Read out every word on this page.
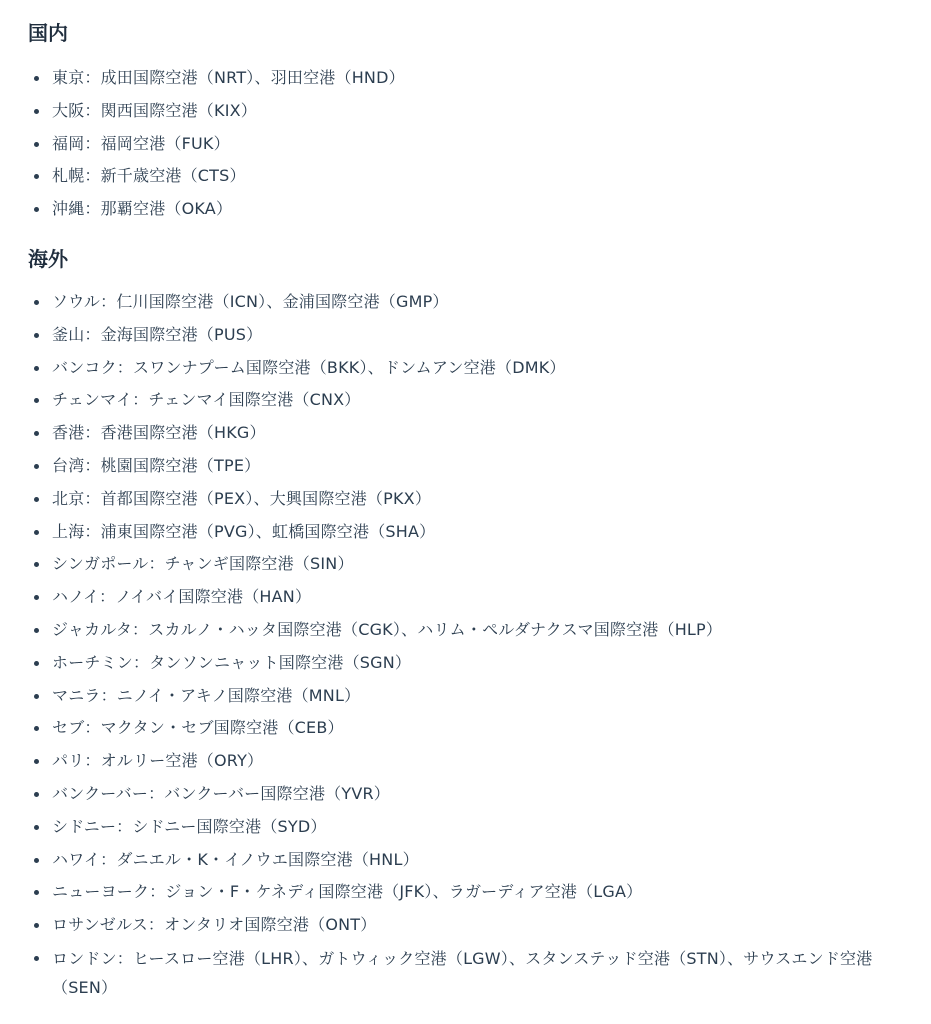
国内
東京：成田国際空港（NRT）、羽田空港（HND）
大阪：関西国際空港（KIX）
福岡：福岡空港（FUK）
札幌：新千歳空港（CTS）
沖縄：那覇空港（OKA）
海外
ソウル：仁川国際空港（ICN）、金浦国際空港（GMP）
釜山：金海国際空港（PUS）
バンコク：スワンナプーム国際空港（BKK）、ドンムアン空港（DMK）
チェンマイ：チェンマイ国際空港（CNX）
香港：香港国際空港（HKG）
台湾：桃園国際空港（TPE）
北京：首都国際空港（PEX）、大興国際空港（PKX）
上海：浦東国際空港（PVG）、虹橋国際空港（SHA）
シンガポール：チャンギ国際空港（SIN）
ハノイ：ノイバイ国際空港（HAN）
ジャカルタ：スカルノ・ハッタ国際空港（CGK）、ハリム・ペルダナクスマ国際空港（HLP）
ホーチミン：タンソンニャット国際空港（SGN）
マニラ：ニノイ・アキノ国際空港（MNL）
セブ：マクタン・セブ国際空港（CEB）
パリ：オルリー空港（ORY）
バンクーバー：バンクーバー国際空港（YVR）
シドニー：シドニー国際空港（SYD）
ハワイ：ダニエル・K・イノウエ国際空港（HNL）
ニューヨーク：ジョン・F・ケネディ国際空港（JFK）、ラガーディア空港（LGA）
ロサンゼルス：オンタリオ国際空港（ONT）
ロンドン：ヒースロー空港（LHR）、ガトウィック空港（LGW）、スタンステッド空港（STN）、サウスエンド空港（SEN）
